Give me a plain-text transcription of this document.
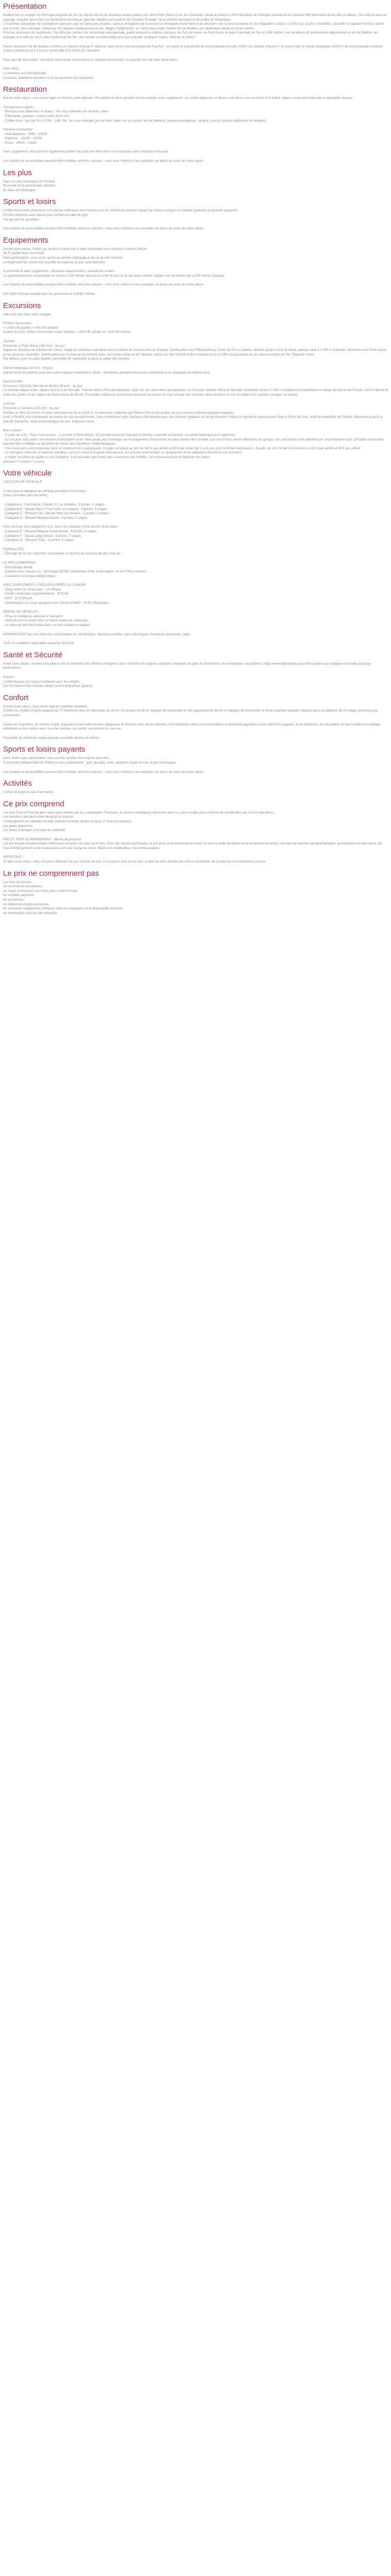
Présentation

Madère est un archipel du Portugal composé de l'île du même nom et de plusieurs autres petites îles, dont Porto Santo et les îles Desertas. Située à environ 1 000 kilomètres du Portugal continental et à environ 500 kilomètres de la côte du Maroc, l'île s'inscrit dans un paysage singulier qui en fait une destination touristique spéciale. Madère est la patrie de Cristiano Ronaldo, de la célèbre laurisylve et de la fête de l'Atlantique.
L'ensemble volcanique de l'archipel est parcouru par les fameuses levadas, canaux d'irrigation qui traversent la montagne et permettent de découvrir une nature luxuriante et une végétation unique. La côte sud, la plus ensoleillée, accueille la capitale Funchal, tandis que le nord, plus sauvage, séduit par ses falaises vertigineuses et ses villages traditionnels. Le climat doux toute l'année fait de Madère une destination idéale en toute saison.
Pour les amoureux de randonnée, l'île offre des sentiers de renommée internationale, parmi lesquels le célèbre parcours du Pico do Arieiro au Pico Ruivo, le point culminant de l'île à 1 862 mètres. Les amateurs de gastronomie apprécieront le vin de Madère, les espadas et le bolo do caco, pain traditionnel de l'île. Une escale incontournable pour qui souhaite conjuguer nature, détente et culture.

Partez découvrir l'île de Madère à l'hôtel Les Jardins d'Ajuda 3* situé au cœur de la zone touristique de Funchal : au calme et à proximité de la promenade du Lido, l'hôtel Les Jardins d'Ajuda 3* se trouve face à l'océan Atlantique, à 500 m de la promenade maritime (route à traverser) et à 3 km du centre-ville et à 23 km de l'aéroport.

Pour plus de découverte, retrouvez notre forfait d'excursions en rubrique Excursions, à souscrire lors de votre réservation.

Infos utiles :
La chambre est internationale.
Certaines chambres donnent sur la rue peuvent être bruyantes.

Restauration

Durant votre séjour, vous serez logés en formule petit-déjeuner. Possibilité de demi-pension et tout compris avec supplément. Les petits-déjeuners et dîners sont servis sous la forme d'un buffet, alliant cuisine internationale et spécialités locales.

Formule tout compris :
- Boissons aux déjeuners et dîners : Vin, eau minérale, jus de fruits, bière
- Pâtisseries, gâteaux, snacks entre 16 et 17h.
- Coffee shop / bar (de 11h à 23h) : café, thé, lait, eau minérale, jus de fruits, bière, vin (y compris vin de Madère), liqueurs portugaises, sangria, punchs (punch traditionnel de Madère).

Horaires d'ouverture :
- Petit-déjeuner : 7h30 - 10h00
- Déjeuner : 12h30 - 14h30
- Dîner : 19h00 - 21h30

Avec supplément, vous pourrez également profiter des bars de l'hôtel dont un cocktail bar avec ambiance musicale.

Les horaires et accessibilités peuvent être modifiés selon les saisons : nous vous invitons à les consulter sur place au cours de votre séjour.

Les plus

Dans la zone touristique de Funchal
Proximité de la promenade maritime
En face de l'Atlantique

Sports et loisirs

L'hôtel met à votre disposition une piscine extérieure avec bassin pour les enfants et solarium équipé de chaises longues et matelas (gratuits) et parasols (payants).
Piscine intérieure avec bassin pour enfants et salle de gym.
Pas de prêt de serviettes.

Les horaires et accessibilités peuvent être modifiés selon les saisons : nous vous invitons à les consulter sur place au cours de votre séjour.

Equipements

Durant votre séjour, l'hôtel Les Jardins d'Ajuda met à votre disposition une réception ouverte 24h/24.
Wi-Fi gratuit dans tout l'hôtel.
Avec participation, vous aurez accès au service nettoyage à sec et au coin internet.
Le règlement des extras est possible en espèces ou par carte bancaire.

À proximité et avec supplément : plusieurs supermarchés, restaurants et bars.
Un guichet bancaire automatique se trouve à 100 mètres ainsi qu'un arrêt de bus et de taxi avec service régulier vers le centre-ville à 200 mètres (payant).

Les horaires et accessibilités peuvent être modifiés selon les saisons : nous vous invitons à les consulter sur place au cours de votre séjour.

Cet hôtel n'est pas équipé pour les personnes à mobilité réduite.

Excursions

Allez plus loin dans votre voyage...

Forfait 4 excursions :
= 1 000 UB (adulte) = 650 UB (enfant)
À partir du 1/11, forfait 3 excursions (sans entrée) = 1000 UB (adulte et + 500 UB enfant).

Journée :
Excursion à Porto Moniz (160 km) - 2e jour
Départ en direction de Câmara de Lobos, village de pêcheurs spécialisé dans la pêche du fameux poisson Espada. Continuation vers Ribeira Brava, Ponta do Sol et Calheta. Montée jusqu'à Paul da Serra, plateau situé à 1 400 m d'altitude. Descente vers Porto Moniz et ses piscines naturelles. Continuation par la route de la corniche avec ses chutes d'eau et ses falaises, retour via São Vicente et Encumeada où le col offre un panorama sur les deux versants de l'île. Déjeuner inclus.
Par ailleurs, pour les plus sportifs, possibilité de randonner jusqu'à la vallée des Nonnes.

Soirée folklorique (20 km) - 4e jour
Départ en fin de journée pour une soirée typique madérienne. Dîner - brochettes pendant lequel vous assisterez à un spectacle de folklore local.

Demi-journée :
Excursion à Eira Do Serrado et Monte (45 km) - 3e jour
Le matinée départ matin, départ vers Eira do Serrado. Premier arrêt à Pico dos Barcelos, avec sur son panorama spectaculaire sur Funchal. Montée d'Eira do Serrado, belvédère situé à 1 094 m d'altitude et surplombant le village de Curral das Freiras. Arrêt à Monte et visite des jardins et de l'église de Notre-Dame de Monte. Possibilité d'effectuer la fameuse descente en panier en osier tiré par des hommes vêtus de blanc et noir et coiffés d'un canotier (à régler sur place).

Journée :
Excursion à Santana (115 km) - 6e jour
Montée au Pico do Arieiro, le point culminant de l'île à 1 818 m. La descente s'effectue par Ribeiro Frio et ses jardins où vous pourrez admirer quelques espèces.
Arrêt à Portela pour contempler les points de vue exceptionnels. Vous continuerez vers Santana, ville réputée pour ses maisons typiques au toit de chaume. Retour à Funchal en passant par Faial et Porto da Cruz. Arrêt au belvédère de Portela. Descente jusqu'à la ville de Camacha. Visite d'une fabrique de vins. Déjeuner inclus.

Bon à savoir :
- À partir du 1/11 : Pack 3 excursions : 1 journée à Porto Moniz, 1/2 journée à Eira Do Serrado et Monte, 1 journée à Santana. La soirée folklorique est supprimée.
- Le 1er jour, vous aurez une réunion d'information avec votre guide pour échanger sur le programme d'excursions et vous donner des conseils. Les excursions seront effectuées en groupe. Les excursions sont réalisées par un prestataire local. Certaines excursions peuvent être modifiées ou annulées en raison des conditions météorologiques.
- Ces excursions sont proposées pour un minimum de 4 participants. À régler sur place au prix de 160 € par adulte et 80 € par enfant de 2 à 11 ans pour le forfait 4 excursions. À partir du 1/11, forfait 3 excursions à 130 € par adulte et 65 € par enfant.
- Le transport s'effectue en autocar climatisé. Les prix incluent le guide francophone, les entrées mentionnées au programme et les déjeuners (boissons non incluses).
- À régler sur place au guide ou à la réception. Il est possible que l'ordre des excursions soit modifié. Lors d'une excursion le déjeuner est inclus.
(Incluant ½ cumul 4 ½ vous).

Votre véhicule

LOCATION DE VÉHICULE

Ci-dessous la catégorie de véhicule possible à la location :
(Nous consulter pour les tarifs)

- Catégorie A : Fiat Panda / Citroën C1 ou similaire : 5 portes, 4 sièges.
- Catégorie B : Nissan Micra / Fiat Punto ou similaire : 5 portes, 5 sièges.
- Catégorie C : Renault Clio / Nissan Note ou similaire : 5 portes, 5 sièges.
- Catégorie D : Renault Mégane Diesel : 5 portes, 5 sièges.

Pour réserver une catégorie E à G, merci de contacter notre service réservation.
- Catégorie E : Renault Mégane Break Diesel : 5 portes, 5 sièges.
- Catégorie F : Dacia Lodgy Diesel : 6 portes, 7 sièges.
- Catégorie G : Renault Trafic : 4 portes, 9 sièges.

FORMALITÉS :
- Être âgé de 21 ans minimum et posséder un permis de conduire de plus d'un an.

LE PRIX COMPREND :
- Kilométrage illimité.
- Garantie tous risques (1) : dommage (CDW), conducteur (PAI) et passagers, et vol (TPC) incluses.
- Assistance technique téléphonique.

AVEC SUPPLÉMENT À RÉGLER AUPRÈS DU LOUEUR
- Siège bébé ou rehausseur : 10 UB/jour.
- Forfait conducteur supplémentaire : 20 EUR.
- GPS : 10 EUR/jour.
- Véhicule pris ou rendu aéroport entre 20h30 et 8h00 : 25,50 UB/location.

REMISE DU VÉHICULE :
- Prise en charge au véhicule à l'aéroport.
- Véhicule pris et rendu avec le même niveau de carburant.
- Le véhicule doit être rendu dans un état similaire ou départ.

INFORMATION Tous les véhicules sont équipés de climatisation, direction assistée, vitres électriques, fermeture centralisée, radio.

Tarifs et conditions applicables jusqu'au 31/10/19.

Santé et Sécurité

Avant votre départ, veuillez consulter le site du ministère des Affaires étrangères pour connaître les risques sanitaires éventuels au pays de destination, les éventuelles vaccinations (https://www.diplomatie.gouv.fr/fr/conseils-aux-voyageurs/conseils-par-pays-destination/).

Enfants :
L'hôtel dispose d'un bassin extérieur pour les enfants.
Des lits bébé et des chaises hautes sont à disposition (gratuit).

Confort

Durant votre séjour, vous serez logé en chambre standard.
L'hôtel Les Jardins d'Ajuda dispose de 77 chambres dont 32 Standards de 24 m², 91 studios de 36 m² équipés de kitchenette et 150 appartements de 42 m² équipés de kitchenette et d'une chambre séparée, répartis dans un bâtiment de 10 étages desservis par ascenseurs.

Toutes les chambres, de confort simple, disposent d'une salle de bains (baignoire et douche) avec sèche-cheveux, d'un téléphone direct (communications et télévision payantes) d'une coffre-fort (payant), d'une télévision, du wifi gratuit, de l'air conditionné (réglage individuel) et d'un balcon avec vue mer latérale, vue jardin, vue piscine ou vue rue.

Possibilité de chambres triples pouvant accueillir adultes et enfants.

Sports et loisirs payants

Dans l'hôtel avec participation vous pourrez profiter d'un espace bien-être.
À proximité (indépendant de l'hôtel) et avec participation : golf, plongée, voile, windsurf, kayak de mer et jets touristiques.

Les horaires et accessibilités peuvent être modifiés selon les saisons : nous vous invitons à les consulter sur place au cours de votre séjour.

Activités

L'hôtel ne propose pas d'animation.

Ce prix comprend

Les vols France/Funchal aller-retour avec opérés par les compagnies Transavia, ou autres compagnies aériennes avec ou sans escales (sous réserve de modification par le tour opérateur).
Les transferts aéroport-hôtel-aéroport en autocar.
L'hébergement en chambre double standard à l'hôtel Jardins d'Ajuda 3* (normes locales).
Les petits-déjeuners.
Les taxes d'aéroport et la taxe de solidarité.

PRE ET POST ACHEMINEMENT : départ de province
Les pré et post acheminement s'effectuent en avion, en train ou en bus. Pour des raisons techniques, le pré et/ou post acheminement peut se faire la veille du départ ou le lendemain du retour. Les frais de transfert aéroport/aéroport, gare/aéroport et vice-versa, les frais d'hébergement ou de restauration sont à la charge du client. Billets non modifiables, non remboursables.

IMPORTANT :
À l'aller et au retour, votre vol peut s'effectuer de jour comme de nuit. À l'occasion d'un vol de nuit, la date de votre arrivée peut être le lendemain de la date de commencement prévue.

Le prix ne comprennent pas

Les frais de dossier,
les assurances facultatives,
les repas et boissons non inclus dans votre formule,
les activités payantes,
les pourboires,
les dépenses d'ordre personnel,
les éventuels suppléments tarifaires selon la compagnie ou la disponibilité aérienne,
les éventuelles hausses de carburant.
